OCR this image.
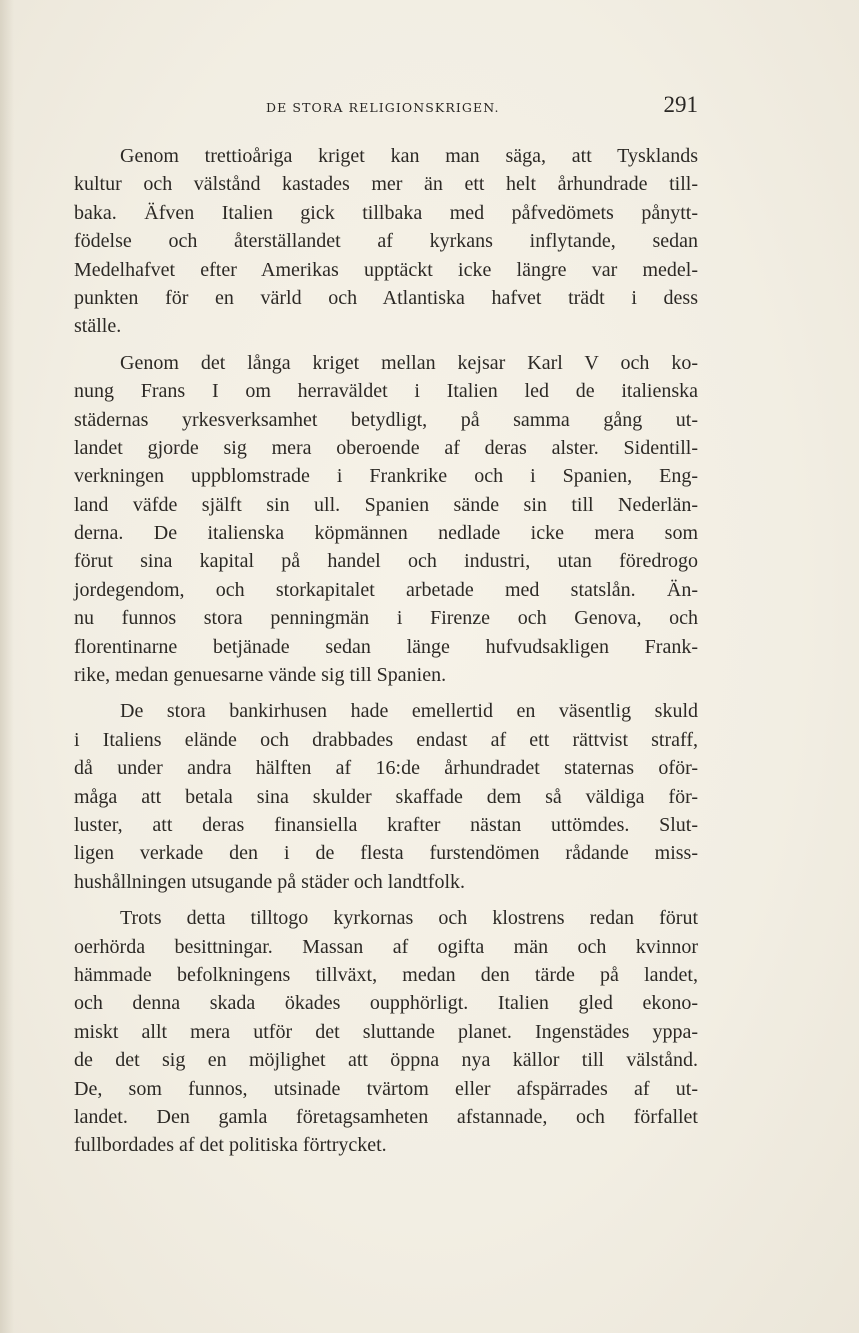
DE STORA RELIGIONSKRIGEN.	291

Genom trettioåriga kriget kan man säga, att Tysklands
kultur och välstånd kastades mer än ett helt århundrade till-
baka. Äfven Italien gick tillbaka med påfvedömets pånytt-
födelse och återställandet af kyrkans inflytande, sedan
Medelhafvet efter Amerikas upptäckt icke längre var medel-
punkten för en värld och Atlantiska hafvet trädt i dess
ställe.

Genom det långa kriget mellan kejsar Karl V och ko-
nung Frans I om herraväldet i Italien led de italienska
städernas yrkesverksamhet betydligt, på samma gång ut-
landet gjorde sig mera oberoende af deras alster. Sidentill-
verkningen uppblomstrade i Frankrike och i Spanien, Eng-
land väfde själft sin ull. Spanien sände sin till Nederlän-
derna. De italienska köpmännen nedlade icke mera som
förut sina kapital på handel och industri, utan föredrogo
jordegendom, och storkapitalet arbetade med statslån. Än-
nu funnos stora penningmän i Firenze och Genova, och
florentinarne betjänade sedan länge hufvudsakligen Frank-
rike, medan genuesarne vände sig till Spanien.

De stora bankirhusen hade emellertid en väsentlig skuld
i Italiens elände och drabbades endast af ett rättvist straff,
då under andra hälften af 16:de århundradet staternas oför-
måga att betala sina skulder skaffade dem så väldiga för-
luster, att deras finansiella krafter nästan uttömdes. Slut-
ligen verkade den i de flesta furstendömen rådande miss-
hushållningen utsugande på städer och landtfolk.

Trots detta tilltogo kyrkornas och klostrens redan förut
oerhörda besittningar. Massan af ogifta män och kvinnor
hämmade befolkningens tillväxt, medan den tärde på landet,
och denna skada ökades oupphörligt. Italien gled ekono-
miskt allt mera utför det sluttande planet. Ingenstädes yppa-
de det sig en möjlighet att öppna nya källor till välstånd.
De, som funnos, utsinade tvärtom eller afspärrades af ut-
landet. Den gamla företagsamheten afstannade, och förfallet
fullbordades af det politiska förtrycket.
